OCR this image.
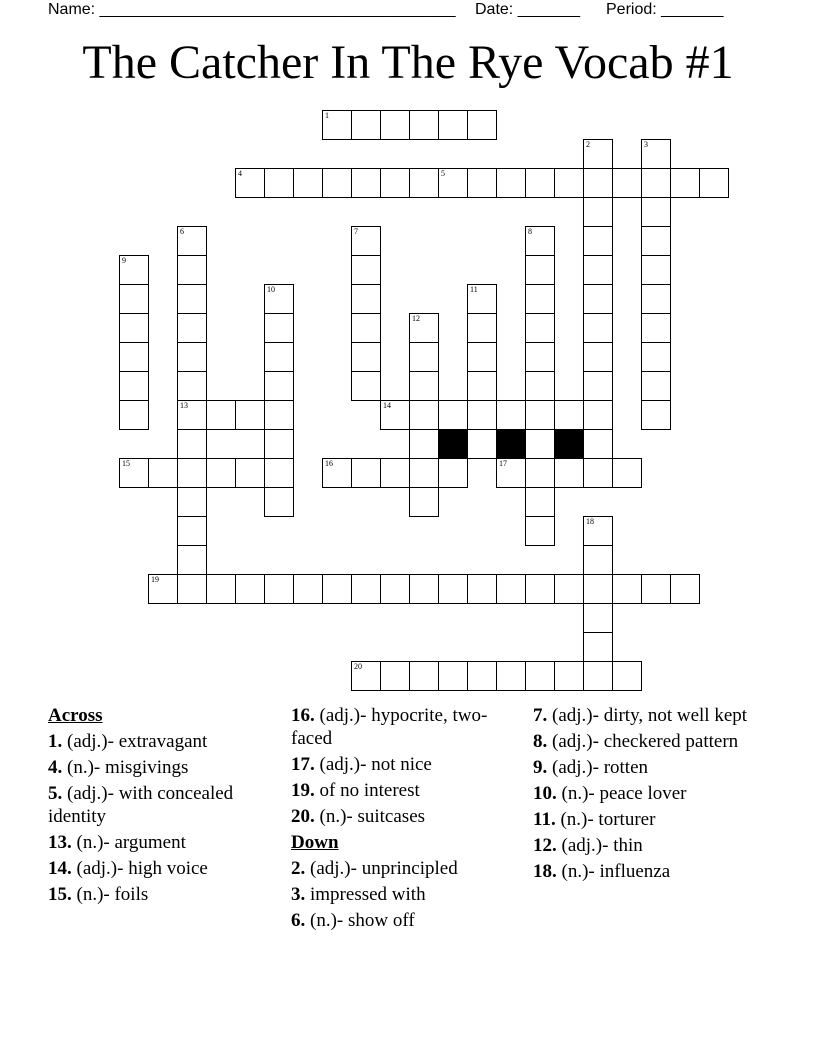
Name: ________________________________________ Date: _______ Period: _______
The Catcher In The Rye Vocab #1
1
2	3
4	5
6	7	8
9
10	11
12
13	14
15	16	17
18
19
20

Across

1. (adj.)- extravagant

4. (n.)- misgivings

5. (adj.)- with concealed identity

13. (n.)- argument

14. (adj.)- high voice

15. (n.)- foils

16. (adj.)- hypocrite, two-faced

17. (adj.)- not nice

19. of no interest

20. (n.)- suitcases

Down

2. (adj.)- unprincipled

3. impressed with

6. (n.)- show off

7. (adj.)- dirty, not well kept

8. (adj.)- checkered pattern

9. (adj.)- rotten

10. (n.)- peace lover

11. (n.)- torturer

12. (adj.)- thin

18. (n.)- influenza
